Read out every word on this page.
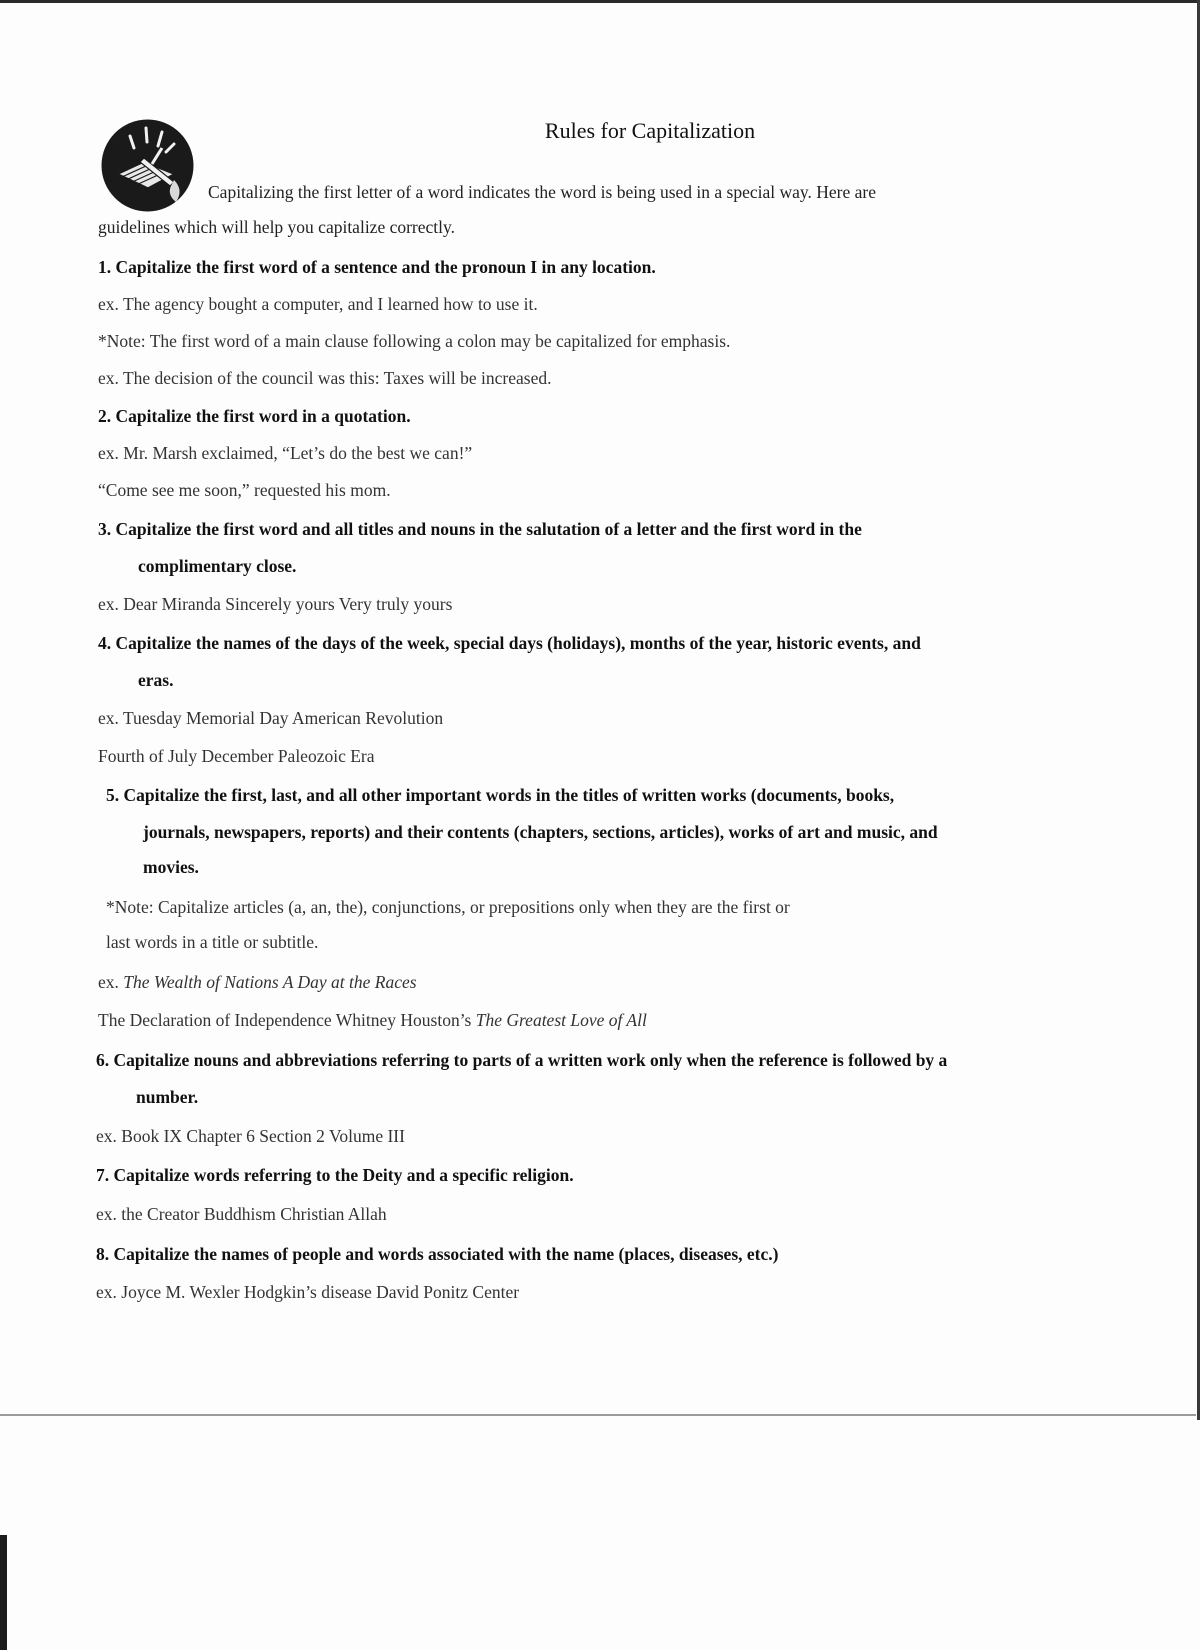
Rules for Capitalization
Capitalizing the first letter of a word indicates the word is being used in a special way. Here are
guidelines which will help you capitalize correctly.
1. Capitalize the first word of a sentence and the pronoun I in any location.
ex. The agency bought a computer, and I learned how to use it.
*Note: The first word of a main clause following a colon may be capitalized for emphasis.
ex. The decision of the council was this: Taxes will be increased.
2. Capitalize the first word in a quotation.
ex. Mr. Marsh exclaimed, “Let’s do the best we can!”
“Come see me soon,” requested his mom.
3. Capitalize the first word and all titles and nouns in the salutation of a letter and the first word in the
complimentary close.
ex. Dear Miranda Sincerely yours Very truly yours
4. Capitalize the names of the days of the week, special days (holidays), months of the year, historic events, and
eras.
ex. Tuesday Memorial Day American Revolution
Fourth of July December Paleozoic Era
5. Capitalize the first, last, and all other important words in the titles of written works (documents, books,
journals, newspapers, reports) and their contents (chapters, sections, articles), works of art and music, and
movies.
*Note: Capitalize articles (a, an, the), conjunctions, or prepositions only when they are the first or
last words in a title or subtitle.
ex. The Wealth of Nations A Day at the Races
The Declaration of Independence Whitney Houston’s The Greatest Love of All
6. Capitalize nouns and abbreviations referring to parts of a written work only when the reference is followed by a
number.
ex. Book IX Chapter 6 Section 2 Volume III
7. Capitalize words referring to the Deity and a specific religion.
ex. the Creator Buddhism Christian Allah
8. Capitalize the names of people and words associated with the name (places, diseases, etc.)
ex. Joyce M. Wexler Hodgkin’s disease David Ponitz Center
